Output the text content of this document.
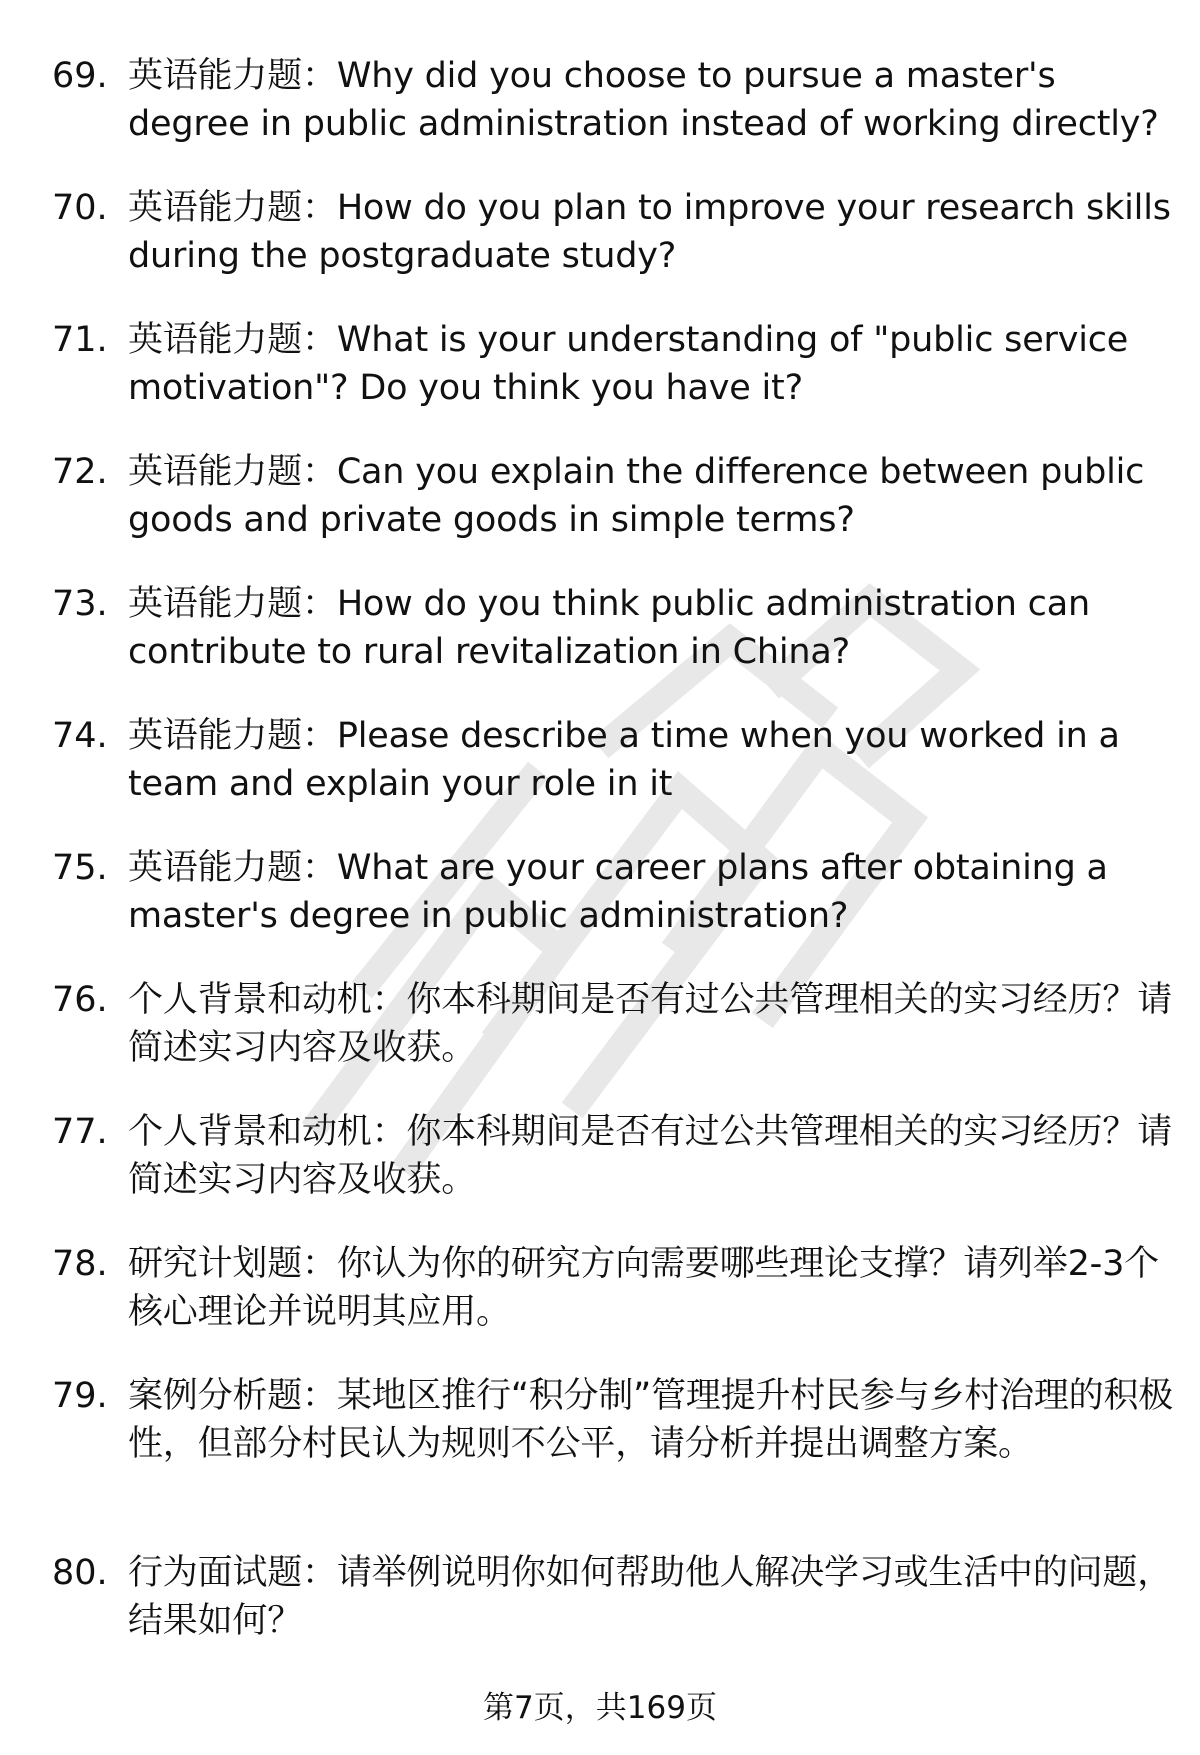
69. 英语能力题：Why did you choose to pursue a master's degree in public administration instead of working directly?
70. 英语能力题：How do you plan to improve your research skills during the postgraduate study?
71. 英语能力题：What is your understanding of "public service motivation"? Do you think you have it?
72. 英语能力题：Can you explain the difference between public goods and private goods in simple terms?
73. 英语能力题：How do you think public administration can contribute to rural revitalization in China?
74. 英语能力题：Please describe a time when you worked in a team and explain your role in it
75. 英语能力题：What are your career plans after obtaining a master's degree in public administration?
76. 个人背景和动机：你本科期间是否有过公共管理相关的实习经历？请简述实习内容及收获。
77. 个人背景和动机：你本科期间是否有过公共管理相关的实习经历？请简述实习内容及收获。
78. 研究计划题：你认为你的研究方向需要哪些理论支撑？请列举2-3个核心理论并说明其应用。
79. 案例分析题：某地区推行“积分制”管理提升村民参与乡村治理的积极性，但部分村民认为规则不公平，请分析并提出调整方案。
80. 行为面试题：请举例说明你如何帮助他人解决学习或生活中的问题，结果如何？
第7页，共169页
